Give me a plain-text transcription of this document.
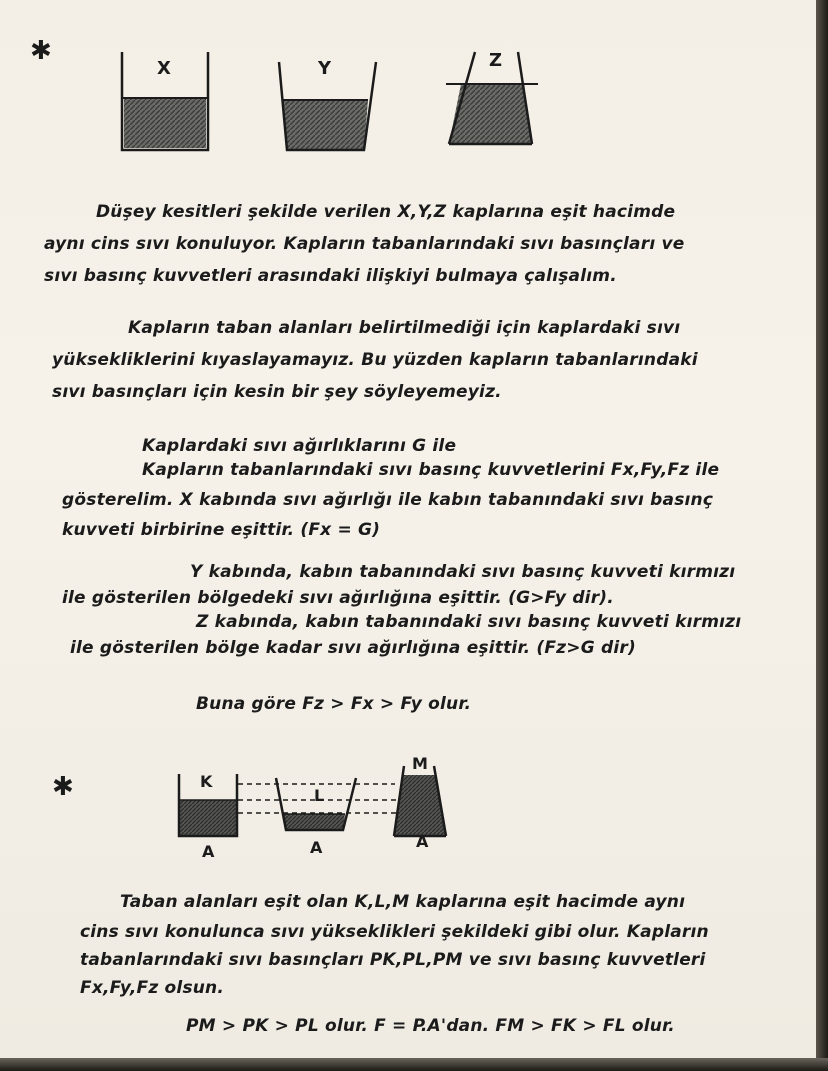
✱
✱
X	Y	Z

Düşey kesitleri şekilde verilen X,Y,Z kaplarına eşit hacimde

aynı cins sıvı konuluyor. Kapların tabanlarındaki sıvı basınçları ve

sıvı basınç kuvvetleri arasındaki ilişkiyi bulmaya çalışalım.

Kapların taban alanları belirtilmediği için kaplardaki sıvı

yüksekliklerini kıyaslayamayız. Bu yüzden kapların tabanlarındaki

sıvı basınçları için kesin bir şey söyleyemeyiz.

Kaplardaki sıvı ağırlıklarını G ile

Kapların tabanlarındaki sıvı basınç kuvvetlerini Fx,Fy,Fz ile

gösterelim. X kabında sıvı ağırlığı ile kabın tabanındaki sıvı basınç

kuvveti birbirine eşittir. (Fx = G)

Y kabında, kabın tabanındaki sıvı basınç kuvveti kırmızı

ile gösterilen bölgedeki sıvı ağırlığına eşittir. (G>Fy dir).

Z kabında, kabın tabanındaki sıvı basınç kuvveti kırmızı

ile gösterilen bölge kadar sıvı ağırlığına eşittir. (Fz>G dir)

Buna göre Fz > Fx > Fy olur.

K
L
M
A	A	A

Taban alanları eşit olan K,L,M kaplarına eşit hacimde aynı

cins sıvı konulunca sıvı yükseklikleri şekildeki gibi olur. Kapların

tabanlarındaki sıvı basınçları PK,PL,PM ve sıvı basınç kuvvetleri

Fx,Fy,Fz olsun.

PM > PK > PL olur. F = P.A'dan. FM > FK > FL olur.
